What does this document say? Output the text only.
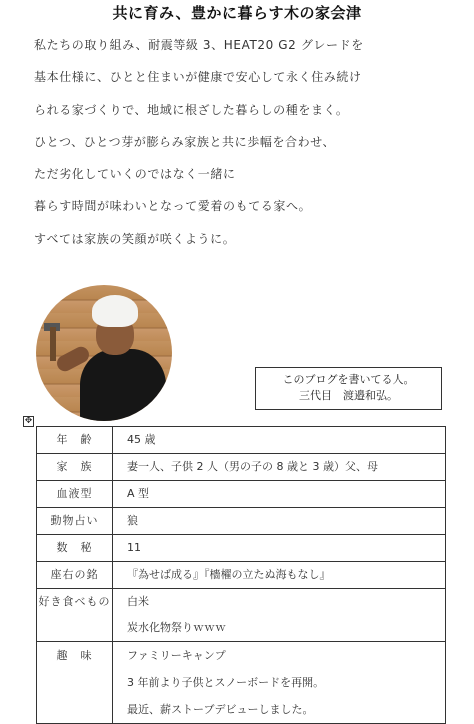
共に育み、豊かに暮らす木の家会津
私たちの取り組み、耐震等級 3、HEAT20 G2 グレードを
基本仕様に、ひとと住まいが健康で安心して永く住み続け
られる家づくりで、地域に根ざした暮らしの種をまく。
ひとつ、ひとつ芽が膨らみ家族と共に歩幅を合わせ、
ただ劣化していくのではなく一緒に
暮らす時間が味わいとなって愛着のもてる家へ。
すべては家族の笑顔が咲くように。
このブログを書いてる人。
三代目　渡邉和弘。
✥
年　齢	45 歳

家　族	妻一人、子供 2 人（男の子の 8 歳と 3 歳）父、母

血液型	A 型

動物占い	狼

数　秘	11

座右の銘	『為せば成る』『檣櫂の立たぬ海もなし』

好き食べもの	白米
炭水化物祭りｗｗｗ

趣　味	ファミリーキャンプ
3 年前より子供とスノーボードを再開。
最近、薪ストーブデビューしました。
